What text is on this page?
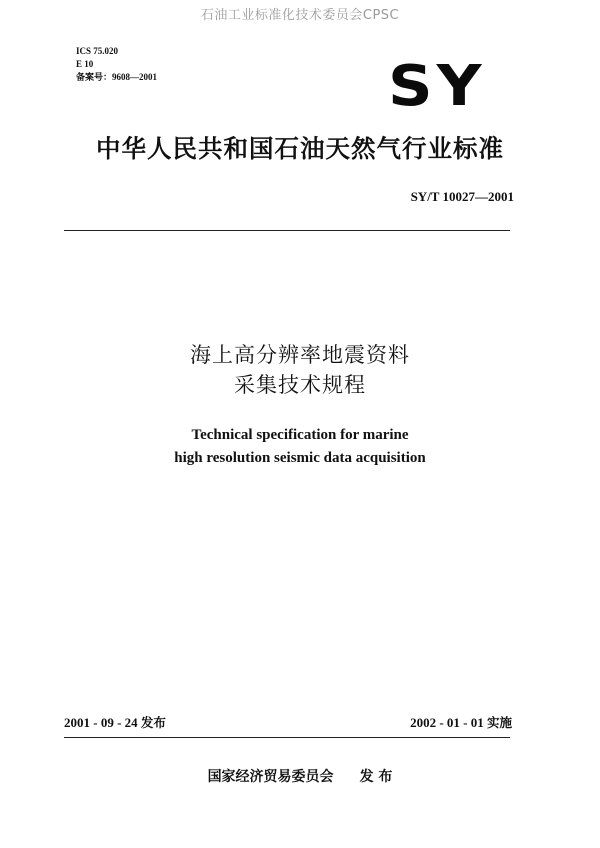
石油工业标准化技术委员会CPSC
ICS 75.020
E 10
备案号：9608—2001	SY
中华人民共和国石油天然气行业标准
SY/T 10027—2001
海上高分辨率地震资料
采集技术规程
Technical specification for marine
high resolution seismic data acquisition
2001 - 09 - 24 发布	2002 - 01 - 01 实施
国家经济贸易委员会 发 布
